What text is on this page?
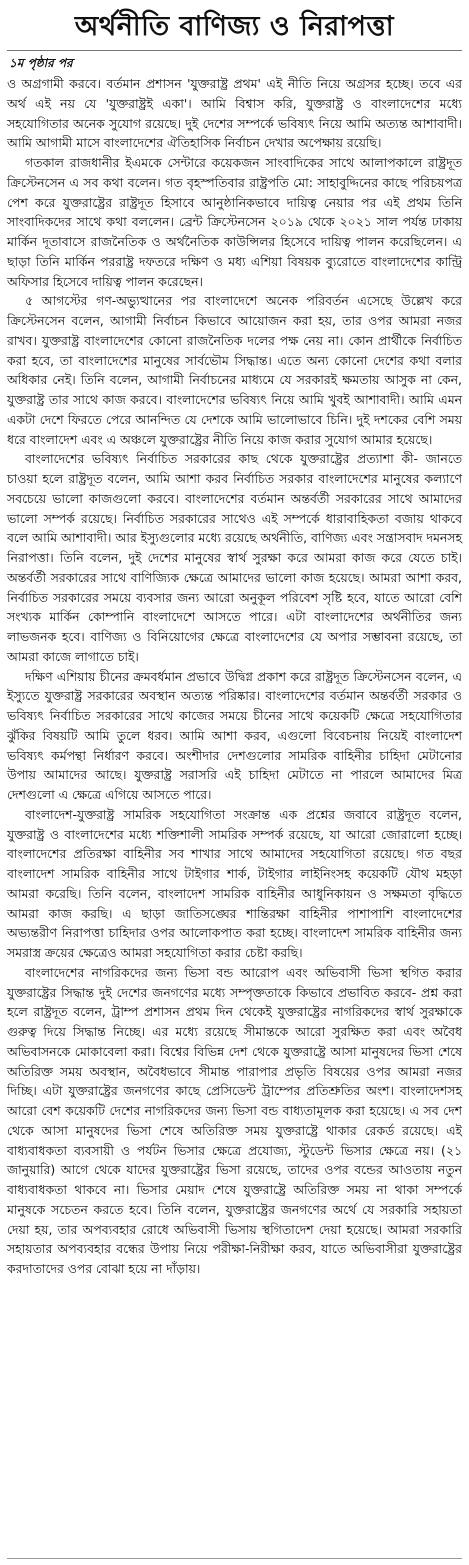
অর্থনীতি বাণিজ্য ও নিরাপত্তা
১ম পৃষ্ঠার পর

ও অগ্রগামী করবে। বর্তমান প্রশাসন 'যুক্তরাষ্ট্র প্রথম' এই নীতি নিয়ে অগ্রসর হচ্ছে। তবে এর অর্থ এই নয় যে 'যুক্তরাষ্ট্রই একা'। আমি বিশ্বাস করি, যুক্তরাষ্ট্র ও বাংলাদেশের মধ্যে সহযোগিতার অনেক সুযোগ রয়েছে। দুই দেশের সম্পর্কে ভবিষ্যৎ নিয়ে আমি অত্যন্ত আশাবাদী। আমি আগামী মাসে বাংলাদেশের ঐতিহাসিক নির্বাচন দেখার অপেক্ষায় রয়েছি।

গতকাল রাজধানীর ইএমকে সেন্টারে কয়েকজন সাংবাদিকের সাথে আলাপকালে রাষ্ট্রদূত ক্রিস্টেনসেন এ সব কথা বলেন। গত বৃহস্পতিবার রাষ্ট্রপতি মো: সাহাবুদ্দিনের কাছে পরিচয়পত্র পেশ করে যুক্তরাষ্ট্রের রাষ্ট্রদূত হিসাবে আনুষ্ঠানিকভাবে দায়িত্ব নেয়ার পর এই প্রথম তিনি সাংবাদিকদের সাথে কথা বললেন। ব্রেন্ট ক্রিস্টেনসেন ২০১৯ থেকে ২০২১ সাল পর্যন্ত ঢাকায় মার্কিন দূতাবাসে রাজনৈতিক ও অর্থনৈতিক কাউন্সিলর হিসেবে দায়িত্ব পালন করেছিলেন। এ ছাড়া তিনি মার্কিন পররাষ্ট্র দফতরে দক্ষিণ ও মধ্য এশিয়া বিষয়ক ব্যুরোতে বাংলাদেশের কান্ট্রি অফিসার হিসেবে দায়িত্ব পালন করেছেন।

৫ আগস্টের গণ-অভ্যুত্থানের পর বাংলাদেশে অনেক পরিবর্তন এসেছে উল্লেখ করে ক্রিস্টেনসেন বলেন, আগামী নির্বাচন কিভাবে আয়োজন করা হয়, তার ওপর আমরা নজর রাখব। যুক্তরাষ্ট্র বাংলাদেশের কোনো রাজনৈতিক দলের পক্ষ নেয় না। কোন প্রার্থীকে নির্বাচিত করা হবে, তা বাংলাদেশের মানুষের সার্বভৌম সিদ্ধান্ত। এতে অন্য কোনো দেশের কথা বলার অধিকার নেই। তিনি বলেন, আগামী নির্বাচনের মাধ্যমে যে সরকারই ক্ষমতায় আসুক না কেন, যুক্তরাষ্ট্র তার সাথে কাজ করবে। বাংলাদেশের ভবিষ্যৎ নিয়ে আমি খুবই আশাবাদী। আমি এমন একটা দেশে ফিরতে পেরে আনন্দিত যে দেশকে আমি ভালোভাবে চিনি। দুই দশকের বেশি সময় ধরে বাংলাদেশ এবং এ অঞ্চলে যুক্তরাষ্ট্রের নীতি নিয়ে কাজ করার সুযোগ আমার হয়েছে।

বাংলাদেশের ভবিষ্যৎ নির্বাচিত সরকারের কাছ থেকে যুক্তরাষ্ট্রের প্রত্যাশা কী- জানতে চাওয়া হলে রাষ্ট্রদূত বলেন, আমি আশা করব নির্বাচিত সরকার বাংলাদেশের মানুষের কল্যাণে সবচেয়ে ভালো কাজগুলো করবে। বাংলাদেশের বর্তমান অন্তর্বর্তী সরকারের সাথে আমাদের ভালো সম্পর্ক রয়েছে। নির্বাচিত সরকারের সাথেও এই সম্পর্কে ধারাবাহিকতা বজায় থাকবে বলে আমি আশাবাদী। আর ইস্যুগুলোর মধ্যে রয়েছে অর্থনীতি, বাণিজ্য এবং সন্ত্রাসবাদ দমনসহ নিরাপত্তা। তিনি বলেন, দুই দেশের মানুষের স্বার্থ সুরক্ষা করে আমরা কাজ করে যেতে চাই। অন্তর্বর্তী সরকারের সাথে বাণিজ্যিক ক্ষেত্রে আমাদের ভালো কাজ হয়েছে। আমরা আশা করব, নির্বাচিত সরকারের সময়ে ব্যবসার জন্য আরো অনুকূল পরিবেশ সৃষ্টি হবে, যাতে আরো বেশি সংখ্যক মার্কিন কোম্পানি বাংলাদেশে আসতে পারে। এটা বাংলাদেশের অর্থনীতির জন্য লাভজনক হবে। বাণিজ্য ও বিনিয়োগের ক্ষেত্রে বাংলাদেশের যে অপার সম্ভাবনা রয়েছে, তা আমরা কাজে লাগাতে চাই।

দক্ষিণ এশিয়ায় চীনের ক্রমবর্ধমান প্রভাবে উদ্বিগ্ন প্রকাশ করে রাষ্ট্রদূত ক্রিস্টেনসেন বলেন, এ ইস্যুতে যুক্তরাষ্ট্র সরকারের অবস্থান অত্যন্ত পরিষ্কার। বাংলাদেশের বর্তমান অন্তর্বর্তী সরকার ও ভবিষ্যৎ নির্বাচিত সরকারের সাথে কাজের সময়ে চীনের সাথে কয়েকটি ক্ষেত্রে সহযোগিতার ঝুঁকির বিষয়টি আমি তুলে ধরব। আমি আশা করব, এগুলো বিবেচনায় নিয়েই বাংলাদেশ ভবিষ্যৎ কর্মপন্থা নির্ধারণ করবে। অংশীদার দেশগুলোর সামরিক বাহিনীর চাহিদা মেটানোর উপায় আমাদের আছে। যুক্তরাষ্ট্র সরাসরি এই চাহিদা মেটাতে না পারলে আমাদের মিত্র দেশগুলো এ ক্ষেত্রে এগিয়ে আসতে পারে।

বাংলাদেশ-যুক্তরাষ্ট্র সামরিক সহযোগিতা সংক্রান্ত এক প্রশ্নের জবাবে রাষ্ট্রদূত বলেন, যুক্তরাষ্ট্র ও বাংলাদেশের মধ্যে শক্তিশালী সামরিক সম্পর্ক রয়েছে, যা আরো জোরালো হচ্ছে। বাংলাদেশের প্রতিরক্ষা বাহিনীর সব শাখার সাথে আমাদের সহযোগিতা রয়েছে। গত বছর বাংলাদেশ সামরিক বাহিনীর সাথে টাইগার শার্ক, টাইগার লাইনিংসহ কয়েকটি যৌথ মহড়া আমরা করেছি। তিনি বলেন, বাংলাদেশ সামরিক বাহিনীর আধুনিকায়ন ও সক্ষমতা বৃদ্ধিতে আমরা কাজ করছি। এ ছাড়া জাতিসঙ্ঘের শান্তিরক্ষা বাহিনীর পাশাপাশি বাংলাদেশের অভ্যন্তরীণ নিরাপত্তা চাহিদার ওপর আলোকপাত করা হচ্ছে। বাংলাদেশ সামরিক বাহিনীর জন্য সমরাস্ত্র ক্রয়ের ক্ষেত্রেও আমরা সহযোগিতা করার চেষ্টা করছি।

বাংলাদেশের নাগরিকদের জন্য ভিসা বন্ড আরোপ এবং অভিবাসী ভিসা স্থগিত করার যুক্তরাষ্ট্রের সিদ্ধান্ত দুই দেশের জনগণের মধ্যে সম্পৃক্ততাকে কিভাবে প্রভাবিত করবে- প্রশ্ন করা হলে রাষ্ট্রদূত বলেন, ট্রাম্প প্রশাসন প্রথম দিন থেকেই যুক্তরাষ্ট্রের নাগরিকদের স্বার্থ সুরক্ষাকে গুরুত্ব দিয়ে সিদ্ধান্ত নিচ্ছে। এর মধ্যে রয়েছে সীমান্তকে আরো সুরক্ষিত করা এবং অবৈধ অভিবাসনকে মোকাবেলা করা। বিশ্বের বিভিন্ন দেশ থেকে যুক্তরাষ্ট্রে আসা মানুষদের ভিসা শেষে অতিরিক্ত সময় অবস্থান, অবৈধভাবে সীমান্ত পারাপার প্রভৃতি বিষয়ের ওপর আমরা নজর দিচ্ছি। এটা যুক্তরাষ্ট্রের জনগণের কাছে প্রেসিডেন্ট ট্রাম্পের প্রতিশ্রুতির অংশ। বাংলাদেশসহ আরো বেশ কয়েকটি দেশের নাগরিকদের জন্য ভিসা বন্ড বাধ্যতামূলক করা হয়েছে। এ সব দেশ থেকে আসা মানুষদের ভিসা শেষে অতিরিক্ত সময় যুক্তরাষ্ট্রে থাকার রেকর্ড রয়েছে। এই বাধ্যবাধকতা ব্যবসায়ী ও পর্যটন ভিসার ক্ষেত্রে প্রযোজ্য, স্টুডেন্ট ভিসার ক্ষেত্রে নয়। (২১ জানুয়ারি) আগে থেকে যাদের যুক্তরাষ্ট্রের ভিসা রয়েছে, তাদের ওপর বন্ডের আওতায় নতুন বাধ্যবাধকতা থাকবে না। ভিসার মেয়াদ শেষে যুক্তরাষ্ট্রে অতিরিক্ত সময় না থাকা সম্পর্কে মানুষকে সচেতন করতে হবে। তিনি বলেন, যুক্তরাষ্ট্রের জনগণের অর্থে যে সরকারি সহায়তা দেয়া হয়, তার অপব্যবহার রোধে অভিবাসী ভিসায় স্থগিতাদেশ দেয়া হয়েছে। আমরা সরকারি সহায়তার অপব্যবহার বন্ধের উপায় নিয়ে পরীক্ষা-নিরীক্ষা করব, যাতে অভিবাসীরা যুক্তরাষ্ট্রের করদাতাদের ওপর বোঝা হয়ে না দাঁড়ায়।
